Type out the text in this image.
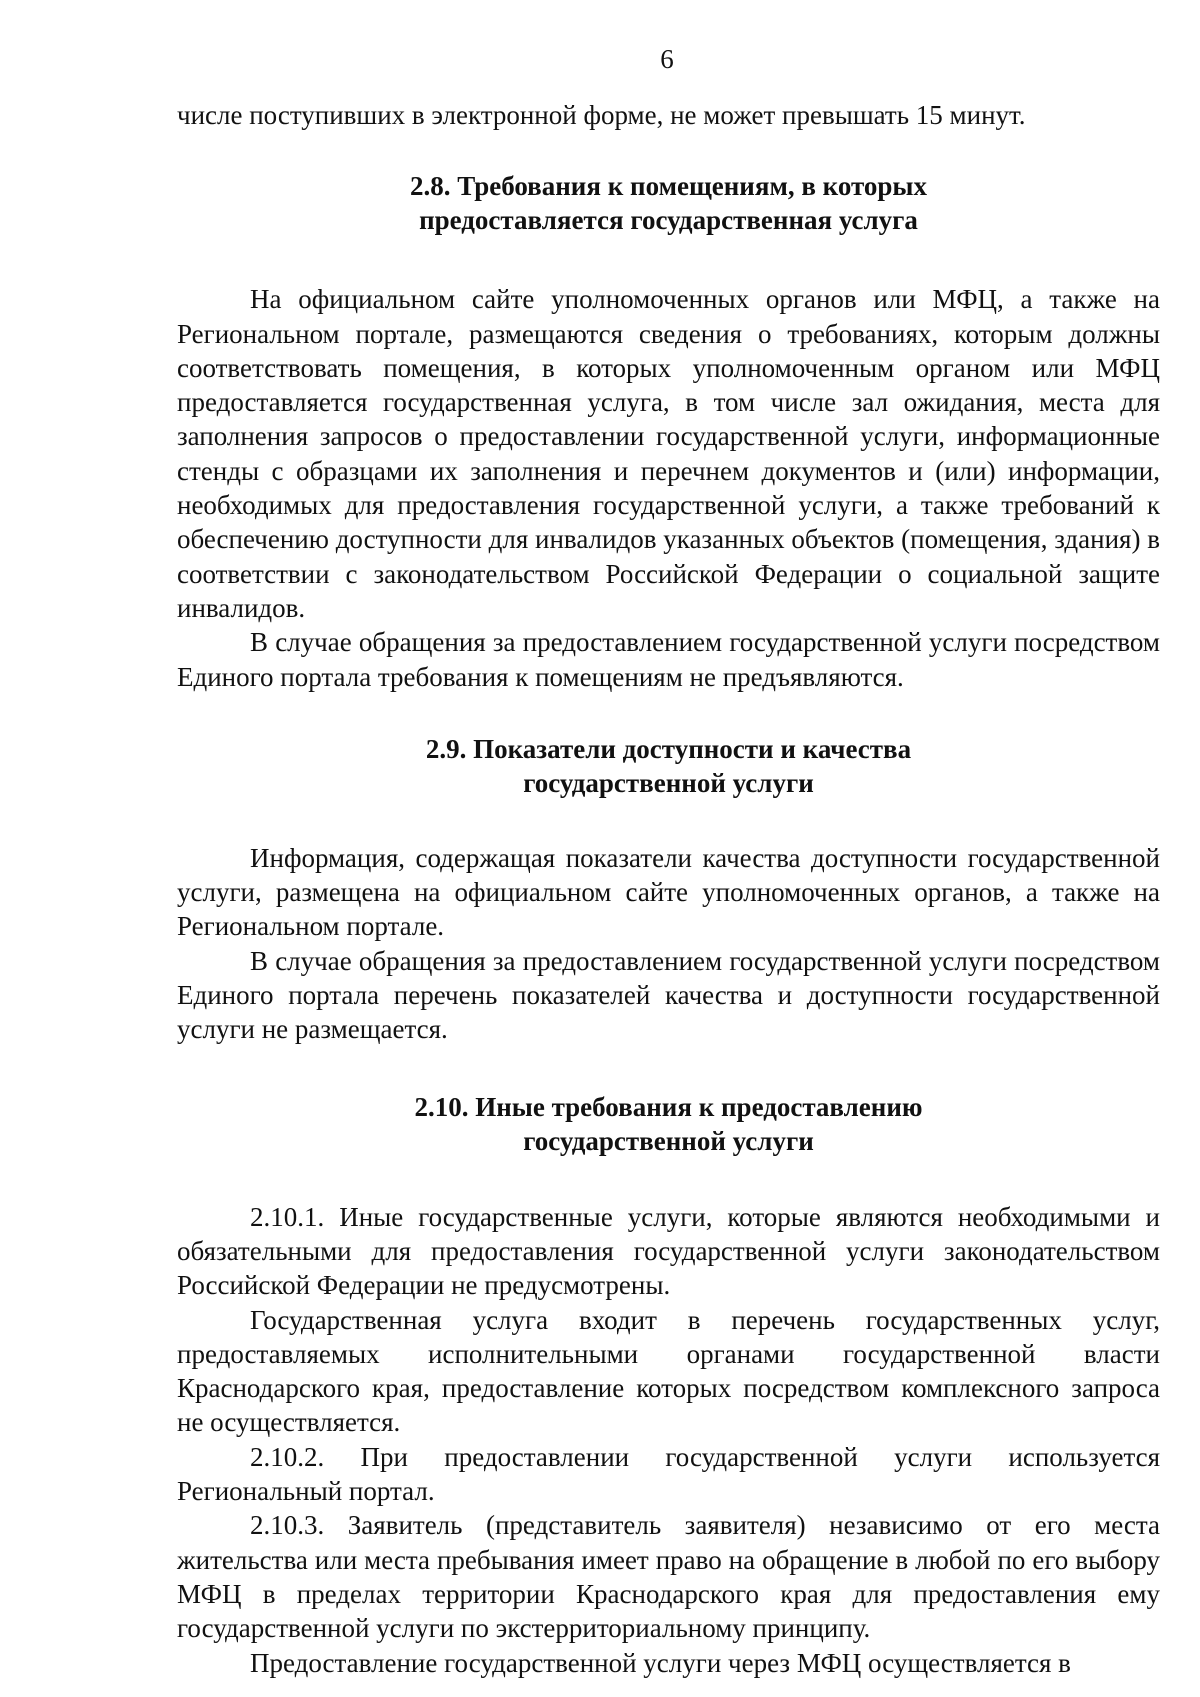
6

числе поступивших в электронной форме, не может превышать 15 минут.

2.8. Требования к помещениям, в которых
предоставляется государственная услуга

На официальном сайте уполномоченных органов или МФЦ, а также на Региональном портале, размещаются сведения о требованиях, которым должны соответствовать помещения, в которых уполномоченным органом или МФЦ предоставляется государственная услуга, в том числе зал ожидания, места для заполнения запросов о предоставлении государственной услуги, информационные стенды с образцами их заполнения и перечнем документов и (или) информации, необходимых для предоставления государственной услуги, а также требований к обеспечению доступности для инвалидов указанных объектов (помещения, здания) в соответствии с законодательством Российской Федерации о социальной защите инвалидов.

В случае обращения за предоставлением государственной услуги посредством Единого портала требования к помещениям не предъявляются.

2.9. Показатели доступности и качества
государственной услуги

Информация, содержащая показатели качества доступности государственной услуги, размещена на официальном сайте уполномоченных органов, а также на Региональном портале.

В случае обращения за предоставлением государственной услуги посредством Единого портала перечень показателей качества и доступности государственной услуги не размещается.

2.10. Иные требования к предоставлению
государственной услуги

2.10.1. Иные государственные услуги, которые являются необходимыми и обязательными для предоставления государственной услуги законодательством Российской Федерации не предусмотрены.

Государственная услуга входит в перечень государственных услуг, предоставляемых исполнительными органами государственной власти Краснодарского края, предоставление которых посредством комплексного запроса не осуществляется.

2.10.2. При предоставлении государственной услуги используется Региональный портал.

2.10.3. Заявитель (представитель заявителя) независимо от его места жительства или места пребывания имеет право на обращение в любой по его выбору МФЦ в пределах территории Краснодарского края для предоставления ему государственной услуги по экстерриториальному принципу.

Предоставление государственной услуги через МФЦ осуществляется в
